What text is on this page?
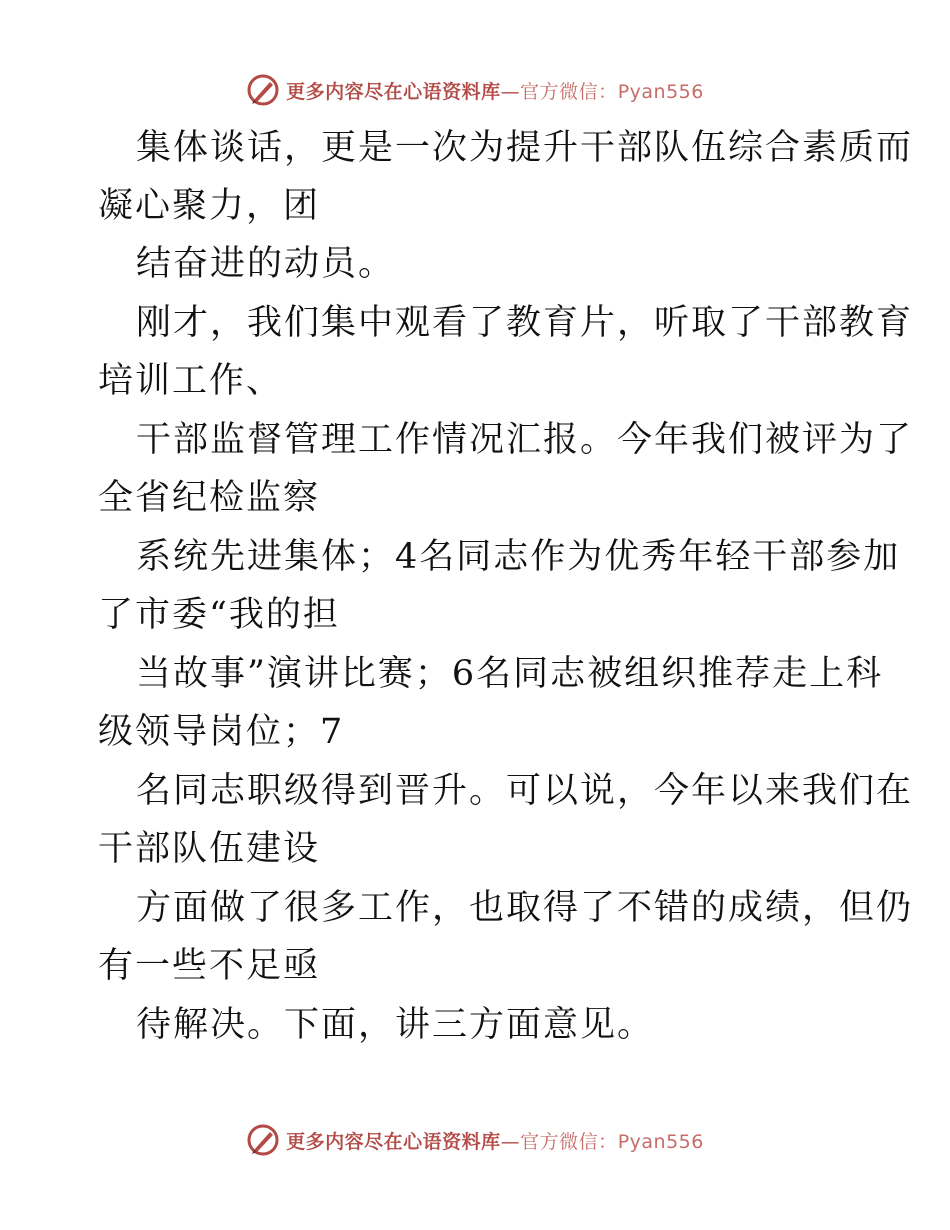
更多内容尽在心语资料库—官方微信：Pyan556
集体谈话，更是一次为提升干部队伍综合素质而
凝心聚力，团
结奋进的动员。
刚才，我们集中观看了教育片，听取了干部教育
培训工作、
干部监督管理工作情况汇报。今年我们被评为了
全省纪检监察
系统先进集体；4名同志作为优秀年轻干部参加
了市委“我的担
当故事”演讲比赛；6名同志被组织推荐走上科
级领导岗位；7
名同志职级得到晋升。可以说，今年以来我们在
干部队伍建设
方面做了很多工作，也取得了不错的成绩，但仍
有一些不足亟
待解决。下面，讲三方面意见。
更多内容尽在心语资料库—官方微信：Pyan556
